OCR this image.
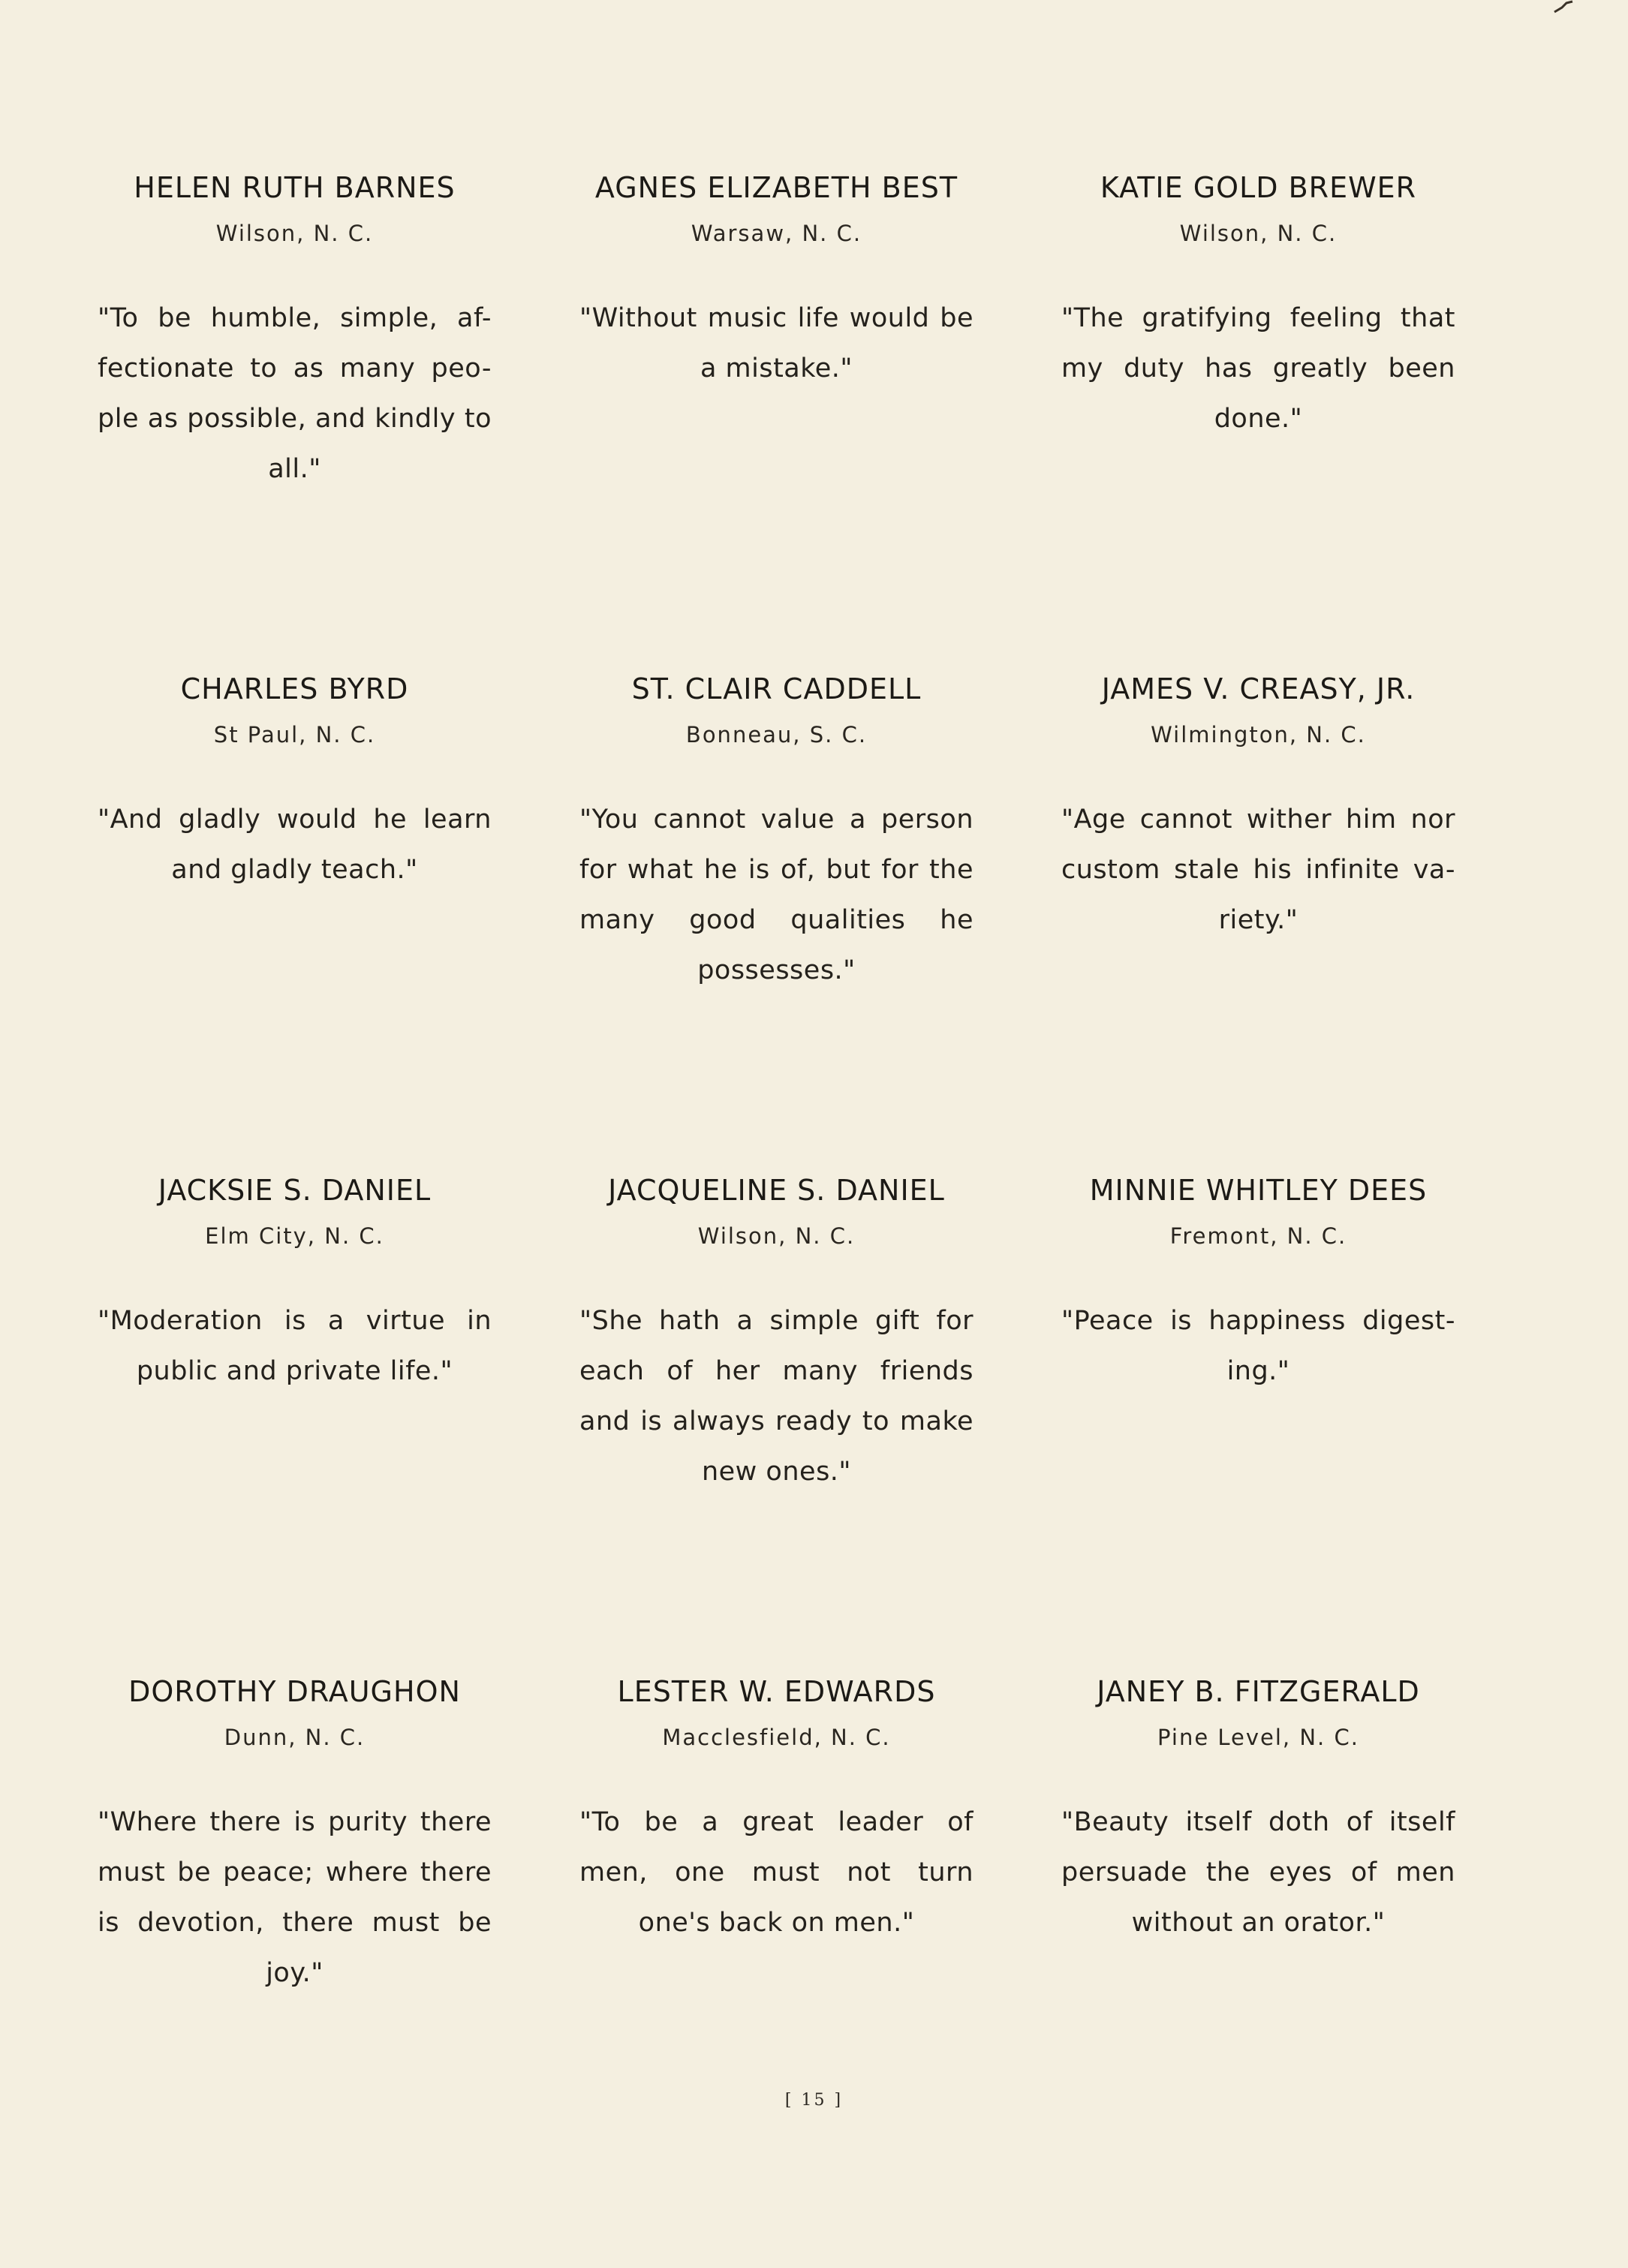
HELEN RUTH BARNES
Wilson, N. C.
"To be humble, simple, af- fectionate to as many peo- ple as possible, and kindly to all."
AGNES ELIZABETH BEST
Warsaw, N. C.
"Without music life would be a mistake."
KATIE GOLD BREWER
Wilson, N. C.
"The gratifying feeling that my duty has greatly been done."
CHARLES BYRD
St Paul, N. C.
"And gladly would he learn and gladly teach."
ST. CLAIR CADDELL
Bonneau, S. C.
"You cannot value a person for what he is of, but for the many good qualities he possesses."
JAMES V. CREASY, JR.
Wilmington, N. C.
"Age cannot wither him nor custom stale his infinite va- riety."
JACKSIE S. DANIEL
Elm City, N. C.
"Moderation is a virtue in public and private life."
JACQUELINE S. DANIEL
Wilson, N. C.
"She hath a simple gift for each of her many friends and is always ready to make new ones."
MINNIE WHITLEY DEES
Fremont, N. C.
"Peace is happiness digest- ing."
DOROTHY DRAUGHON
Dunn, N. C.
"Where there is purity there must be peace; where there is devotion, there must be joy."
LESTER W. EDWARDS
Macclesfield, N. C.
"To be a great leader of men, one must not turn one's back on men."
JANEY B. FITZGERALD
Pine Level, N. C.
"Beauty itself doth of itself persuade the eyes of men without an orator."
[ 15 ]
